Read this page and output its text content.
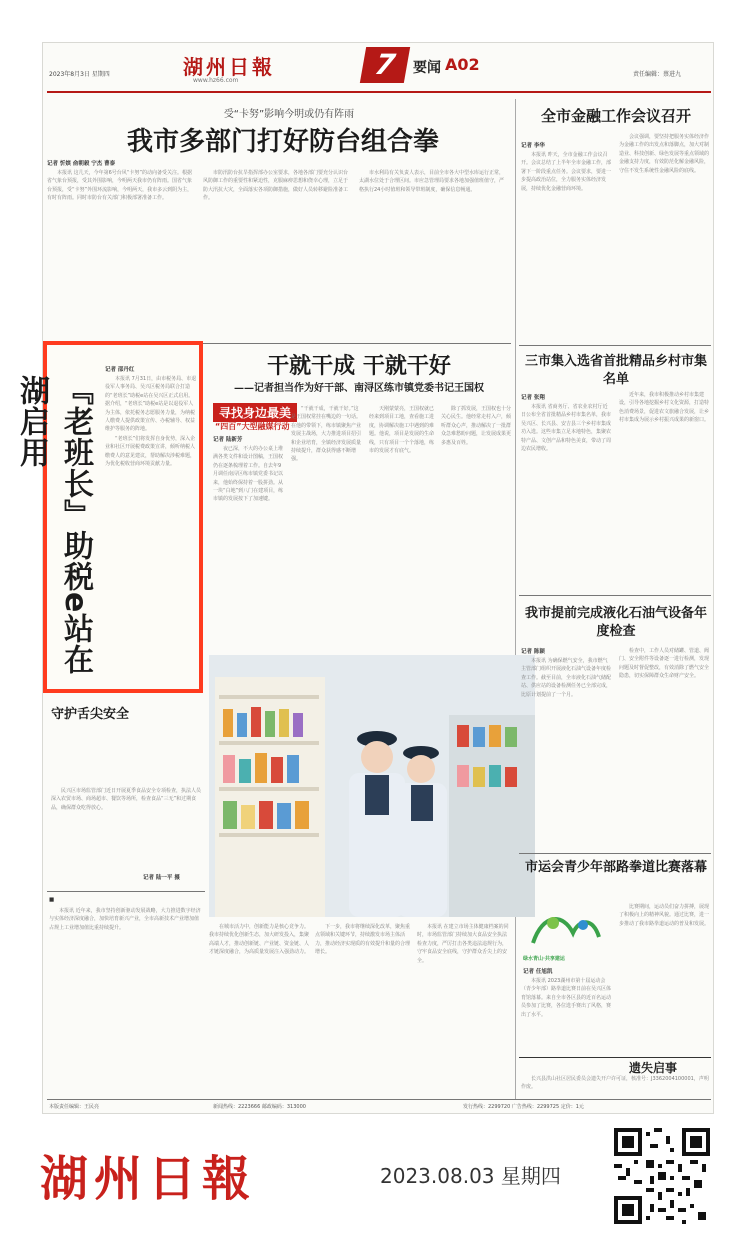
2023年8月3日 星期四	湖州日報
www.hz66.com	7	要闻 A02
责任编辑：蔡进九
受“卡努”影响今明或仍有阵雨
我市多部门打好防台组合拳
记者 忻嫔 俞朝毅 宁杰 曹泰

本报讯 这几天，今年第6号台风“卡努”的动向备受关注。根据省气象台预报，受其外围影响，今明两天我市仍有阵雨。国省气象台预报，受“卡努”外围环流影响，今明两天，我市多云到阴为主，有时有阵雨。同时市防台有关部门积极部署准备工作。

市防汛防台抗旱指挥部办公室要求，各地各部门要充分认识台风防御工作的重要性和紧迫性，克服麻痹思想和侥幸心理，立足于防大汛抗大灾，全面落实各项防御措施，做好人员转移避险准备工作。

市水利局有关负责人表示，目前全市各大中型水库运行正常，太湖水位处于合理区间。市应急管理局要求各地加强值班值守，严格执行24小时值班和领导带班制度，确保信息畅通。

全市金融工作会议召开
记者 李华

本报讯 昨天，全市金融工作会议召开。会议总结了上半年全市金融工作，部署下一阶段重点任务。会议要求，要进一步提高政治站位，全力服务实体经济发展，持续优化金融营商环境。

会议强调，要坚持把服务实体经济作为金融工作的出发点和落脚点，加大对制造业、科技创新、绿色发展等重点领域的金融支持力度，有效防范化解金融风险，守住不发生系统性金融风险的底线。

三市集入选省首批精品乡村市集名单
记者 张翔

本报讯 省商务厅、省农业农村厅近日公布全省首批精品乡村市集名单，我市吴兴区、长兴县、安吉县三个乡村市集成功入选。这些市集立足本地特色，集聚农特产品、文创产品和特色美食，带动了周边农民增收。

近年来，我市积极推动乡村市集建设，引导各地挖掘乡村文化资源，打造特色消费场景，促进农文旅融合发展，让乡村市集成为展示乡村振兴成果的新窗口。

记者 邵丹红
『老班长』助税e站在湖启用	本报讯 7月31日，由市税务局、市退役军人事务局、吴兴区税务局联合打造的“老班长”助税e站在吴兴区正式启用。据介绍，“老班长”助税e站是以退役军人为主体，依托税务志愿服务力量，为纳税人缴费人提供政策宣传、办税辅导、权益维护等服务的阵地。

“老班长”们将发挥自身优势，深入企业和社区开展税费政策宣讲，倾听纳税人缴费人的意见建议，帮助解决涉税难题，为优化税收营商环境贡献力量。

干就干成 干就干好
——记者担当作为好干部、南浔区练市镇党委书记王国权
寻找身边最美
“四百”大型融媒行动
记者 陆新芳

夜已深，不大的办公桌上堆满各类文件和设计图稿，王国权仍在逐条梳理着工作。自去年9月调任南浔区练市镇党委书记以来，他始终保持着一股拼劲。从一块“白地”到八门在建项目，练市镇的发展按下了加速键。

“干就干成，干就干好。”这是王国权常挂在嘴边的一句话。在他的带领下，练市镇聚焦产业发展主战场，大力推进项目招引和企业培育，全镇经济发展质量持续提升，群众获得感不断增强。

天刚蒙蒙亮，王国权就已经来到项目工地，查看施工进度，协调解决施工中遇到的难题。他说，项目是发展的生命线，只有项目一个个落地，练市的发展才有底气。

除了抓发展，王国权也十分关心民生。他经常走村入户，倾听群众心声，推动解决了一批群众急难愁盼问题，让发展成果更多惠及百姓。

守护舌尖安全

民兴区市场监管部门近日开展夏季食品安全专项检查，执法人员深入农贸市场、商场超市、餐饮等场所，检查食品“三无”和过期食品，确保群众吃得放心。

记者 陆一平 摄
■

本报讯 近年来，我市坚持创新驱动发展战略，大力推进数字经济与实体经济深度融合，加快培育新兴产业，全市高新技术产业增加值占规上工业增加值比重持续提升。	在城市活力中，创新能力是核心竞争力。我市持续优化创新生态，加大研发投入，集聚高端人才，推动创新链、产业链、资金链、人才链深度融合，为高质量发展注入强劲动力。

下一步，我市将继续深化改革，聚焦重点领域和关键环节，持续激发市场主体活力，推动经济实现质的有效提升和量的合理增长。

本报讯 在建立市场主体健康档案的同时，市场监管部门持续加大食品安全执法检查力度，严厉打击各类违法违规行为，守牢食品安全底线，守护群众舌尖上的安全。

我市提前完成液化石油气设备年度检查
记者 陈颖

本报讯 为确保燃气安全，我市燃气主管部门组织开展液化石油气设备年度检查工作。截至目前，全市液化石油气储配站、供应站的设备检测任务已全部完成，比原计划提前了一个月。

检查中，工作人员对储罐、管道、阀门、安全附件等设备逐一进行检测，发现问题及时督促整改，有效消除了燃气安全隐患，切实保障群众生命财产安全。

市运会青少年部路拳道比赛落幕
绿水青山·共享建运
记者 任旭凯

本报讯 2023湖州市第十届运动会（青少年部）路拳道比赛日前在吴兴区体育馆落幕。来自全市各区县的近百名运动员参加了比赛，各位选手赛出了风格，赛出了水平。

比赛期间，运动员们奋力拼搏，展现了积极向上的精神风貌。通过比赛，进一步推动了我市路拳道运动的普及和发展。

遗失启事

长兴县洪山社区居民委员会遗失开户许可证，核准号：J3362004100001，声明作废。

本版责任编辑：王民亮	新闻热线：2223666 邮政编码：313000	发行热线：2299720 广告热线：2299725 定价：1元
湖州日報	2023.08.03 星期四
